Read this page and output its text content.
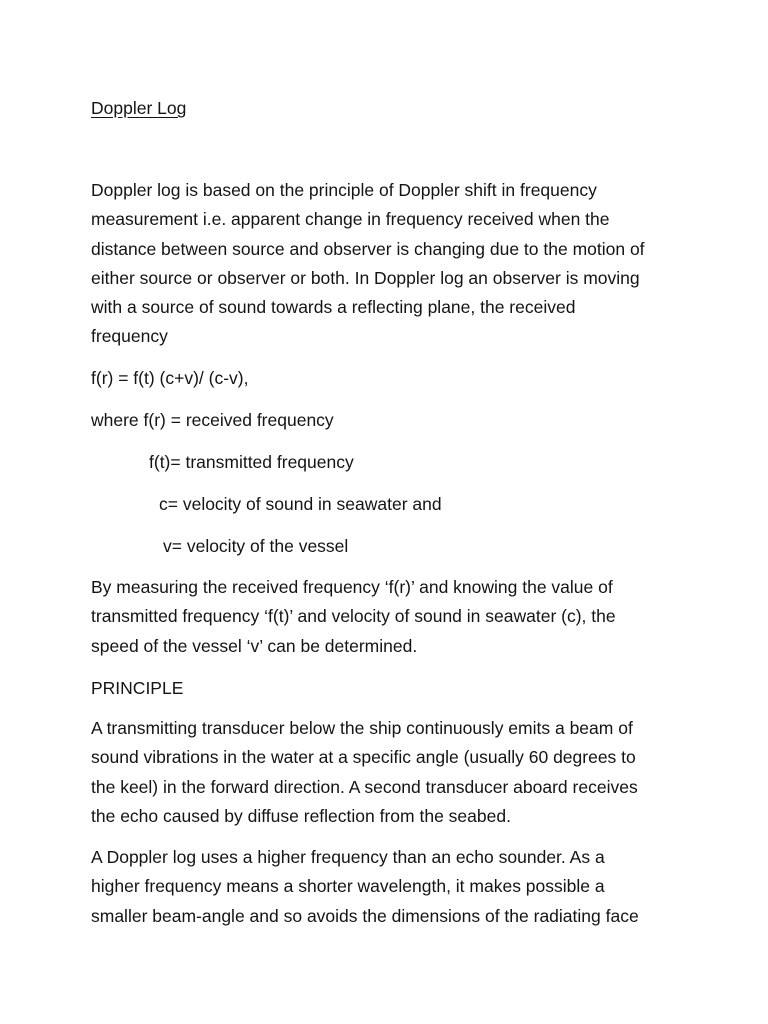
Doppler Log

Doppler log is based on the principle of Doppler shift in frequency
measurement i.e. apparent change in frequency received when the
distance between source and observer is changing due to the motion of
either source or observer or both. In Doppler log an observer is moving
with a source of sound towards a reflecting plane, the received
frequency

f(r) = f(t) (c+v)/ (c-v),

where f(r) = received frequency

f(t)= transmitted frequency

c= velocity of sound in seawater and

v= velocity of the vessel

By measuring the received frequency ‘f(r)’ and knowing the value of
transmitted frequency ‘f(t)’ and velocity of sound in seawater (c), the
speed of the vessel ‘v’ can be determined.

PRINCIPLE

A transmitting transducer below the ship continuously emits a beam of
sound vibrations in the water at a specific angle (usually 60 degrees to
the keel) in the forward direction. A second transducer aboard receives
the echo caused by diffuse reflection from the seabed.

A Doppler log uses a higher frequency than an echo sounder. As a
higher frequency means a shorter wavelength, it makes possible a
smaller beam-angle and so avoids the dimensions of the radiating face
